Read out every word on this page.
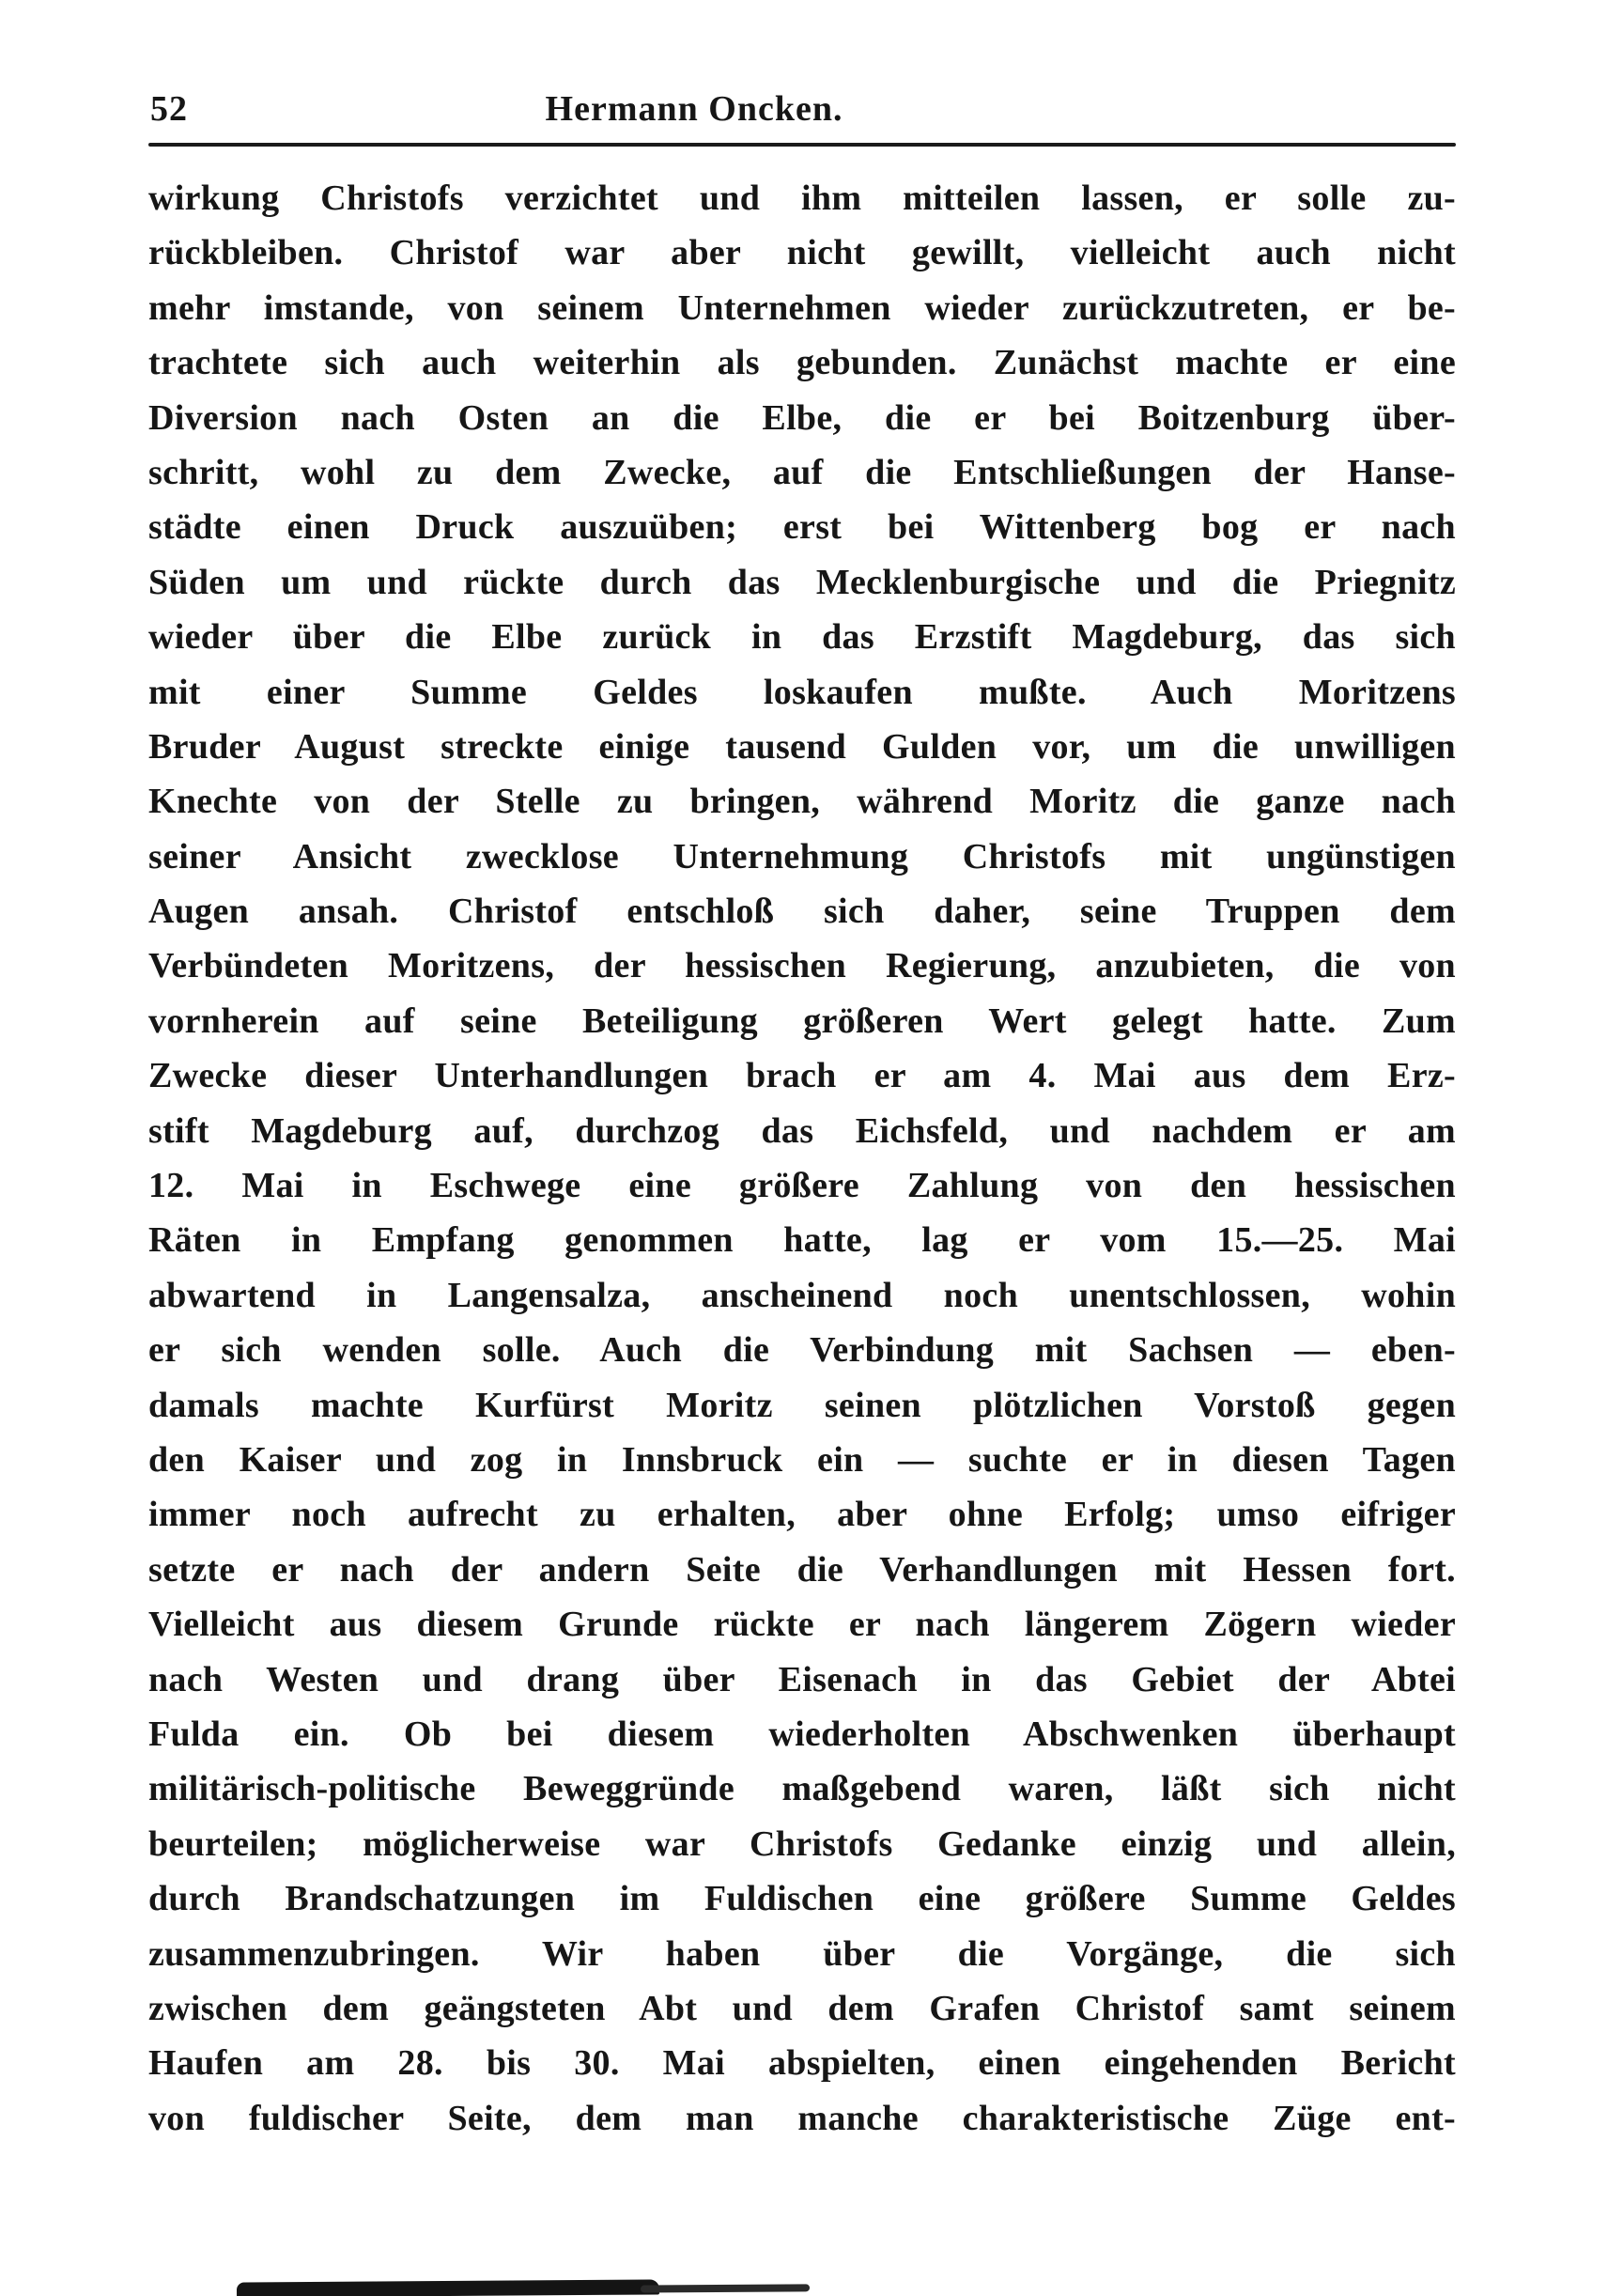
52	Hermann Oncken.
wirkung Christofs verzichtet und ihm mitteilen lassen, er solle zu-
rückbleiben. Christof war aber nicht gewillt, vielleicht auch nicht
mehr imstande, von seinem Unternehmen wieder zurückzutreten, er be-
trachtete sich auch weiterhin als gebunden. Zunächst machte er eine
Diversion nach Osten an die Elbe, die er bei Boitzenburg über-
schritt, wohl zu dem Zwecke, auf die Entschließungen der Hanse-
städte einen Druck auszuüben; erst bei Wittenberg bog er nach
Süden um und rückte durch das Mecklenburgische und die Priegnitz
wieder über die Elbe zurück in das Erzstift Magdeburg, das sich
mit einer Summe Geldes loskaufen mußte. Auch Moritzens
Bruder August streckte einige tausend Gulden vor, um die unwilligen
Knechte von der Stelle zu bringen, während Moritz die ganze nach
seiner Ansicht zwecklose Unternehmung Christofs mit ungünstigen
Augen ansah. Christof entschloß sich daher, seine Truppen dem
Verbündeten Moritzens, der hessischen Regierung, anzubieten, die von
vornherein auf seine Beteiligung größeren Wert gelegt hatte. Zum
Zwecke dieser Unterhandlungen brach er am 4. Mai aus dem Erz-
stift Magdeburg auf, durchzog das Eichsfeld, und nachdem er am
12. Mai in Eschwege eine größere Zahlung von den hessischen
Räten in Empfang genommen hatte, lag er vom 15.—25. Mai
abwartend in Langensalza, anscheinend noch unentschlossen, wohin
er sich wenden solle. Auch die Verbindung mit Sachsen — eben-
damals machte Kurfürst Moritz seinen plötzlichen Vorstoß gegen
den Kaiser und zog in Innsbruck ein — suchte er in diesen Tagen
immer noch aufrecht zu erhalten, aber ohne Erfolg; umso eifriger
setzte er nach der andern Seite die Verhandlungen mit Hessen fort.
Vielleicht aus diesem Grunde rückte er nach längerem Zögern wieder
nach Westen und drang über Eisenach in das Gebiet der Abtei
Fulda ein. Ob bei diesem wiederholten Abschwenken überhaupt
militärisch-politische Beweggründe maßgebend waren, läßt sich nicht
beurteilen; möglicherweise war Christofs Gedanke einzig und allein,
durch Brandschatzungen im Fuldischen eine größere Summe Geldes
zusammenzubringen. Wir haben über die Vorgänge, die sich
zwischen dem geängsteten Abt und dem Grafen Christof samt seinem
Haufen am 28. bis 30. Mai abspielten, einen eingehenden Bericht
von fuldischer Seite, dem man manche charakteristische Züge ent-
